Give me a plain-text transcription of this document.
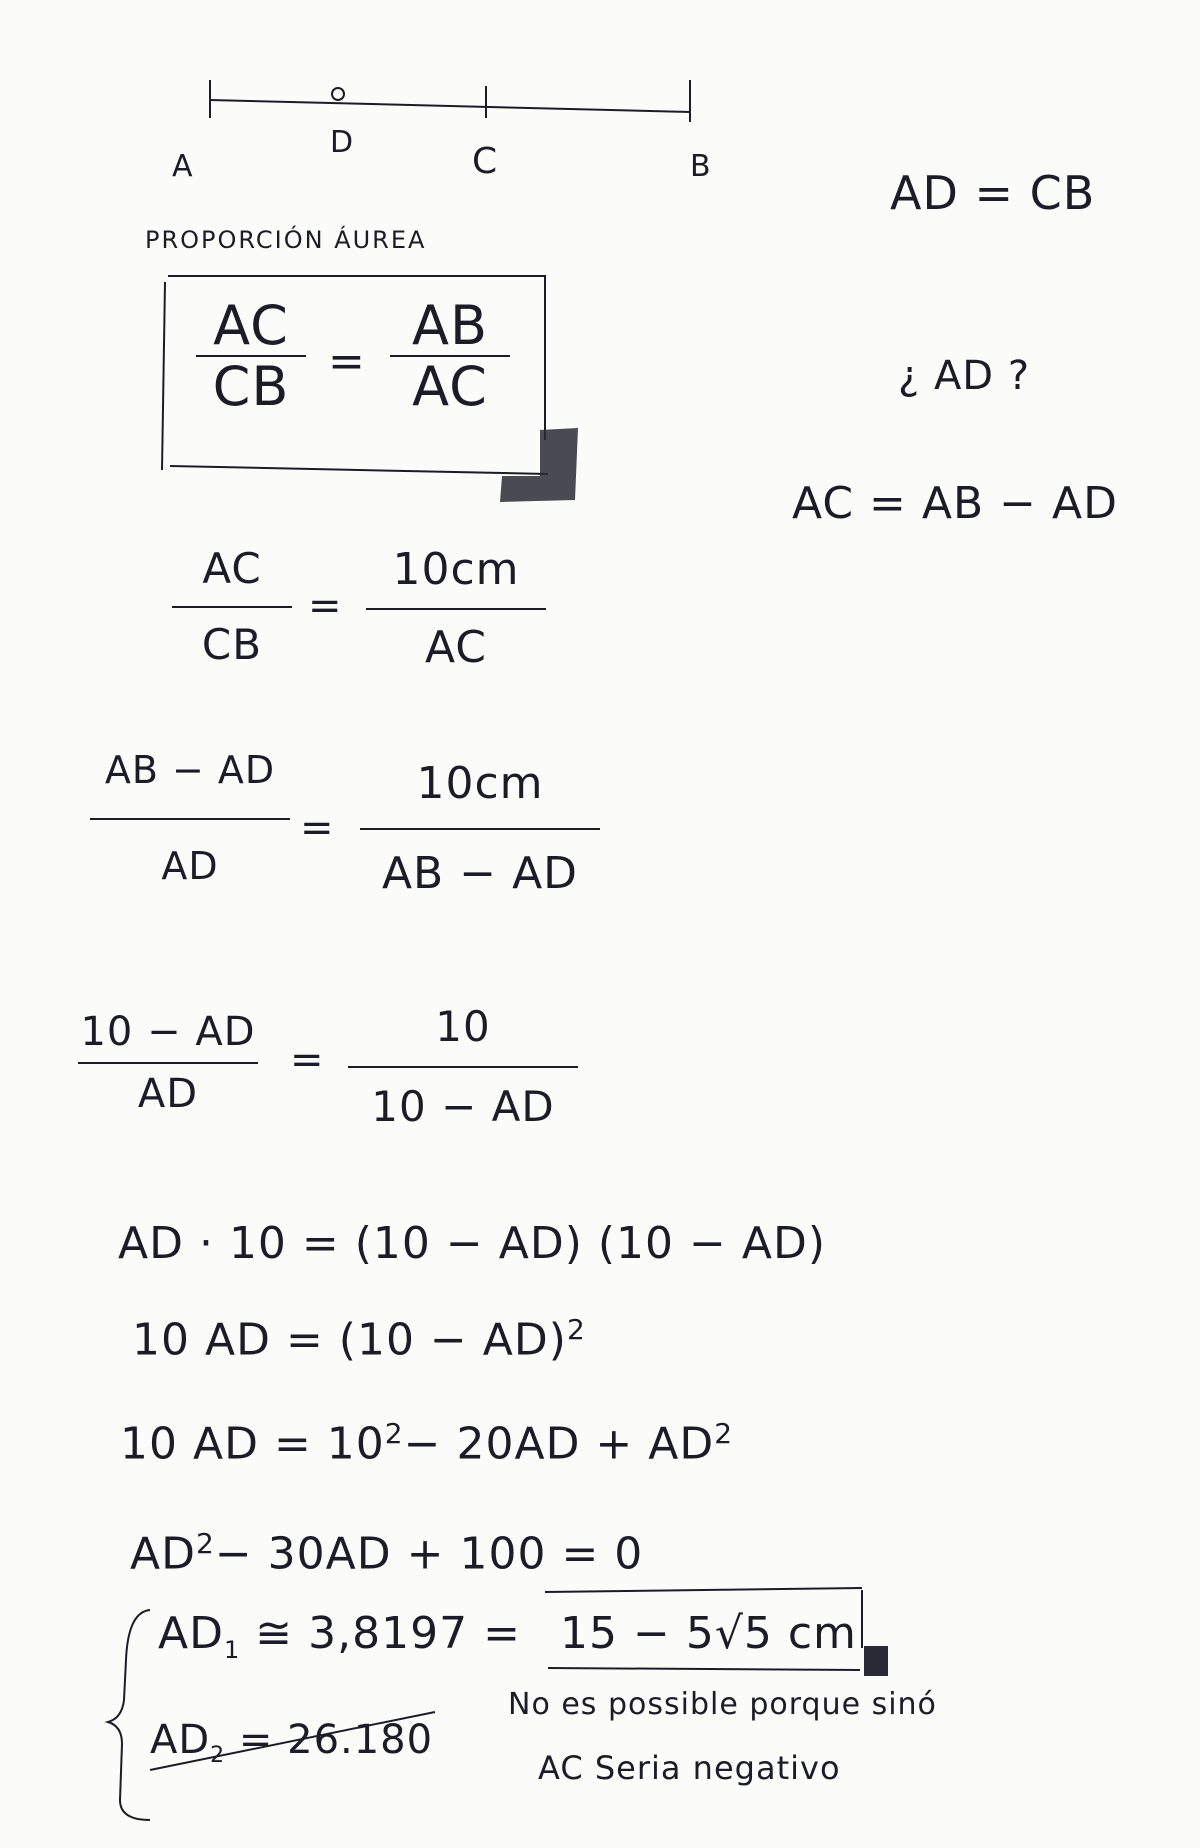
A
D	C	B	AD = CB
¿ AD ?
AC = AB − AD
PROPORCIÓN ÁUREA
AC
CB =
AB
AC
AC
CB
=
10cm
AC
AB − AD
AD
=
10cm
AB − AD
10 − AD
AD
=
10
10 − AD
AD · 10 = (10 − AD) (10 − AD)
10 AD = (10 − AD)$^2$
10 AD = $10^2- 20AD + AD^2$
$AD^2- 30AD + 100 = 0$
$AD_1$ ≅ 3,8197 = 15 − 5√5 cm
$AD_2 = 26.180$
No es possible porque sinó
AC Seria negativo
